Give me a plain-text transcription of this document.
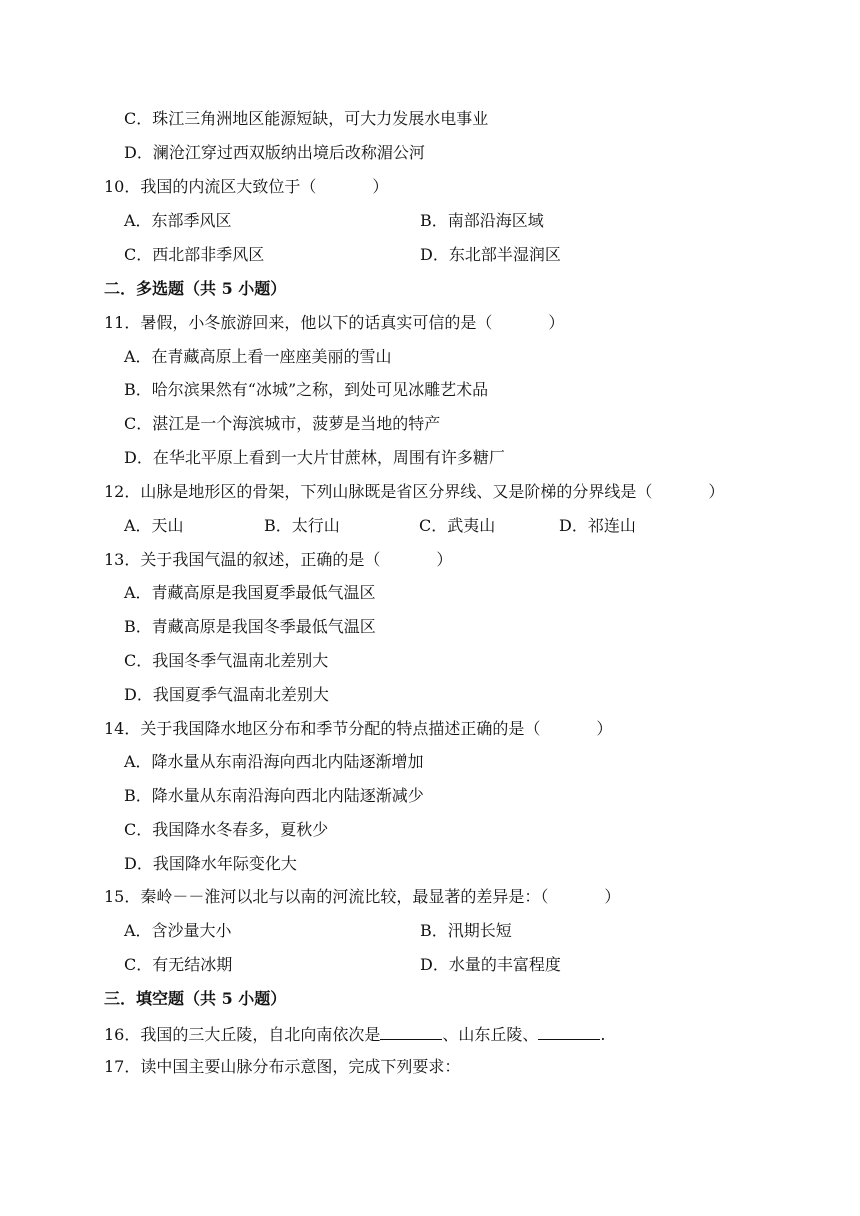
C．珠江三角洲地区能源短缺，可大力发展水电事业
D．澜沧江穿过西双版纳出境后改称湄公河
10．我国的内流区大致位于（	）
A．东部季风区	B．南部沿海区域
C．西北部非季风区	D．东北部半湿润区
二．多选题（共 5 小题）
11．暑假，小冬旅游回来，他以下的话真实可信的是（	）
A．在青藏高原上看一座座美丽的雪山
B．哈尔滨果然有“冰城”之称，到处可见冰雕艺术品
C．湛江是一个海滨城市，菠萝是当地的特产
D．在华北平原上看到一大片甘蔗林，周围有许多糖厂
12．山脉是地形区的骨架，下列山脉既是省区分界线、又是阶梯的分界线是（	）
A．天山	B．太行山	C．武夷山	D．祁连山
13．关于我国气温的叙述，正确的是（	）
A．青藏高原是我国夏季最低气温区
B．青藏高原是我国冬季最低气温区
C．我国冬季气温南北差别大
D．我国夏季气温南北差别大
14．关于我国降水地区分布和季节分配的特点描述正确的是（	）
A．降水量从东南沿海向西北内陆逐渐增加
B．降水量从东南沿海向西北内陆逐渐减少
C．我国降水冬春多，夏秋少
D．我国降水年际变化大
15．秦岭－－淮河以北与以南的河流比较，最显著的差异是：（	）
A．含沙量大小	B．汛期长短
C．有无结冰期	D．水量的丰富程度
三．填空题（共 5 小题）
16．我国的三大丘陵，自北向南依次是	、山东丘陵、	.
17．读中国主要山脉分布示意图，完成下列要求：
